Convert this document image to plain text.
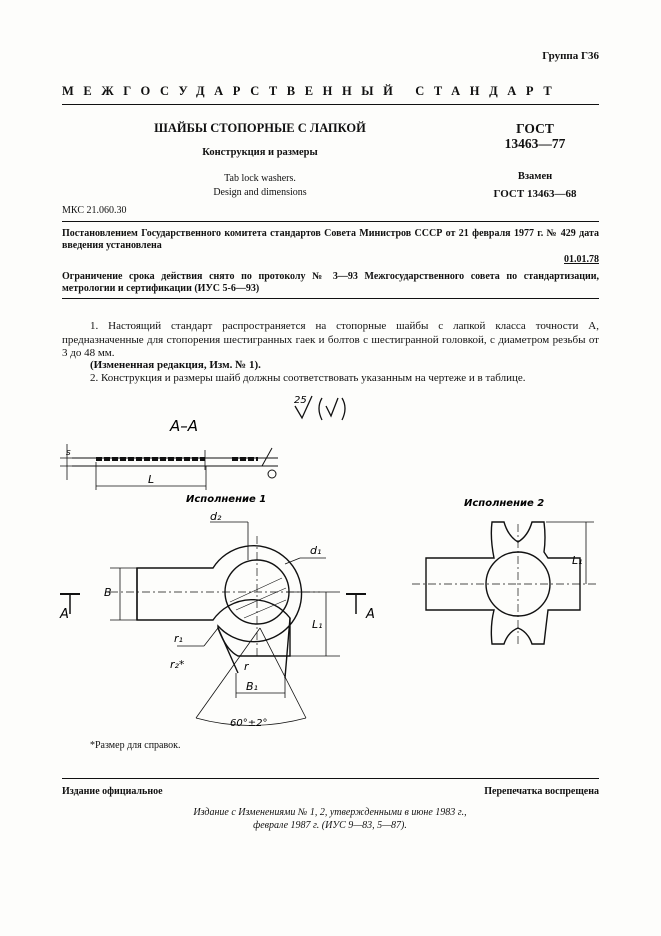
Группа Г36
МЕЖГОСУДАРСТВЕННЫЙ СТАНДАРТ
ШАЙБЫ СТОПОРНЫЕ С ЛАПКОЙ
Конструкция и размеры
Tab lock washers.
Design and dimensions
ГОСТ
13463—77
Взамен
ГОСТ 13463—68
МКС 21.060.30
Постановлением Государственного комитета стандартов Совета Министров СССР от 21 февраля 1977 г. № 429 дата введения установлена
01.01.78
Ограничение срока действия снято по протоколу № 3—93 Межгосударственного совета по стандартизации, метрологии и сертификации (ИУС 5-6—93)
1. Настоящий стандарт распространяется на стопорные шайбы с лапкой класса точности А, предназначенные для стопорения шестигранных гаек и болтов с шестигранной головкой, с диаметром резьбы от 3 до 48 мм.
(Измененная редакция, Изм. № 1).
2. Конструкция и размеры шайб должны соответствовать указанным на чертеже и в таблице.
25
А–А
s
L
Исполнение 1	Исполнение 2
B
d₂
d₁
L₁
r₁
r₂*	r
B₁
60°±2°
А	А
L₁
*Размер для справок.
Издание официальное	Перепечатка воспрещена
Издание с Изменениями № 1, 2, утвержденными в июне 1983 г.,
феврале 1987 г. (ИУС 9—83, 5—87).
